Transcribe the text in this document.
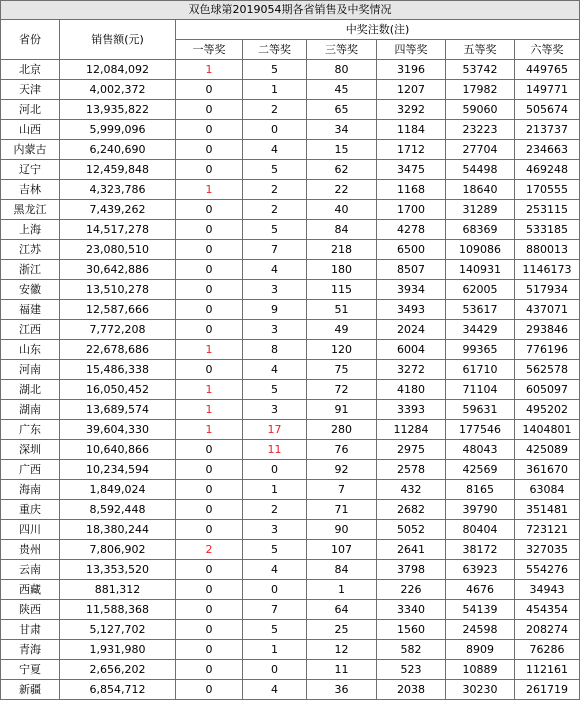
双色球第2019054期各省销售及中奖情况							
省份	销售额(元)	中奖注数(注)					
		一等奖	二等奖	三等奖	四等奖	五等奖	六等奖
北京	12,084,092	1	5	80	3196	53742	449765
天津	4,002,372	0	1	45	1207	17982	149771
河北	13,935,822	0	2	65	3292	59060	505674
山西	5,999,096	0	0	34	1184	23223	213737
内蒙古	6,240,690	0	4	15	1712	27704	234663
辽宁	12,459,848	0	5	62	3475	54498	469248
吉林	4,323,786	1	2	22	1168	18640	170555
黑龙江	7,439,262	0	2	40	1700	31289	253115
上海	14,517,278	0	5	84	4278	68369	533185
江苏	23,080,510	0	7	218	6500	109086	880013
浙江	30,642,886	0	4	180	8507	140931	1146173
安徽	13,510,278	0	3	115	3934	62005	517934
福建	12,587,666	0	9	51	3493	53617	437071
江西	7,772,208	0	3	49	2024	34429	293846
山东	22,678,686	1	8	120	6004	99365	776196
河南	15,486,338	0	4	75	3272	61710	562578
湖北	16,050,452	1	5	72	4180	71104	605097
湖南	13,689,574	1	3	91	3393	59631	495202
广东	39,604,330	1	17	280	11284	177546	1404801
深圳	10,640,866	0	11	76	2975	48043	425089
广西	10,234,594	0	0	92	2578	42569	361670
海南	1,849,024	0	1	7	432	8165	63084
重庆	8,592,448	0	2	71	2682	39790	351481
四川	18,380,244	0	3	90	5052	80404	723121
贵州	7,806,902	2	5	107	2641	38172	327035
云南	13,353,520	0	4	84	3798	63923	554276
西藏	881,312	0	0	1	226	4676	34943
陕西	11,588,368	0	7	64	3340	54139	454354
甘肃	5,127,702	0	5	25	1560	24598	208274
青海	1,931,980	0	1	12	582	8909	76286
宁夏	2,656,202	0	0	11	523	10889	112161
新疆	6,854,712	0	4	36	2038	30230	261719
